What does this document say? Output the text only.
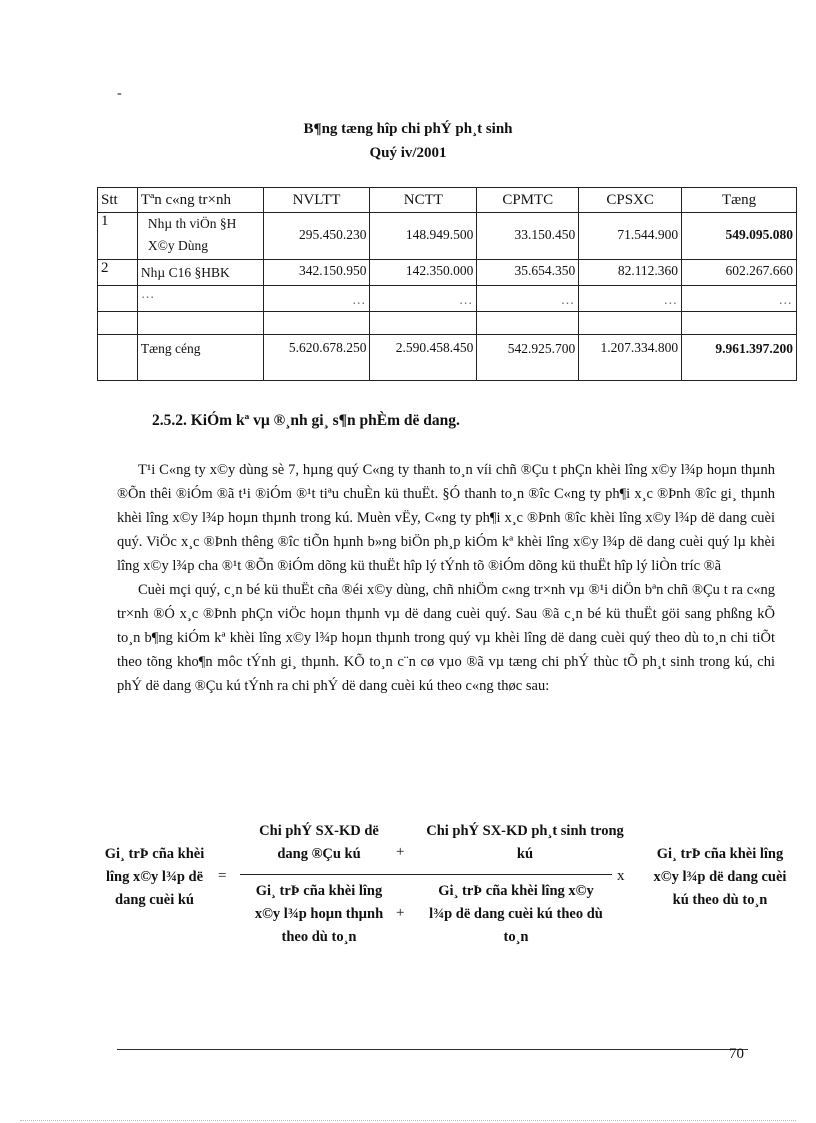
-
B¶ng tæng hîp chi phÝ ph¸t sinh
Quý iv/2001
Stt	Tªn c«ng tr×nh	NVLTT	NCTT	CPMTC	CPSXC	Tæng
1	Nhµ th viÖn §H X©y Dùng	295.450.230	148.949.500	33.150.450	71.544.900	549.095.080
2	Nhµ C16 §HBK	342.150.950	142.350.000	35.654.350	82.112.360	602.267.660
	…	…	…	…	…	…

	Tæng céng	5.620.678.250	2.590.458.450	542.925.700	1.207.334.800	9.961.397.200
2.5.2. KiÓm kª vµ ®¸nh gi¸ s¶n phÈm dë dang.

T¹i C«ng ty x©y dùng sè 7, hµng quý C«ng ty thanh to¸n víi chñ ®Çu t phÇn khèi lîng x©y l¾p hoµn thµnh ®Õn thêi ®iÓm ®ã t¹i ®iÓm ®¹t tiªu chuÈn kü thuËt. §Ó thanh to¸n ®îc C«ng ty ph¶i x¸c ®Þnh ®îc gi¸ thµnh khèi lîng x©y l¾p hoµn thµnh trong kú. Muèn vËy, C«ng ty ph¶i x¸c ®Þnh ®îc khèi lîng x©y l¾p dë dang cuèi quý. ViÖc x¸c ®Þnh thêng ®îc tiÕn hµnh b»ng biÖn ph¸p kiÓm kª khèi lîng x©y l¾p dë dang cuèi quý lµ khèi lîng x©y l¾p cha ®¹t ®Õn ®iÓm dõng kü thuËt hîp lý tÝnh tõ ®iÓm dõng kü thuËt hîp lý liÒn tríc ®ã

Cuèi mçi quý, c¸n bé kü thuËt cña ®éi x©y dùng, chñ nhiÖm c«ng tr×nh vµ ®¹i diÖn bªn chñ ®Çu t ra c«ng tr×nh ®Ó x¸c ®Þnh phÇn viÖc hoµn thµnh vµ dë dang cuèi quý. Sau ®ã c¸n bé kü thuËt göi sang phßng kÕ to¸n b¶ng kiÓm kª khèi lîng x©y l¾p hoµn thµnh trong quý vµ khèi lîng dë dang cuèi quý theo dù to¸n chi tiÕt theo tõng kho¶n môc tÝnh gi¸ thµnh. KÕ to¸n c¨n cø vµo ®ã vµ tæng chi phÝ thùc tÕ ph¸t sinh trong kú, chi phÝ dë dang ®Çu kú tÝnh ra chi phÝ dë dang cuèi kú theo c«ng thøc sau:

Gi¸ trÞ cña khèi lîng x©y l¾p dë dang cuèi kú
=
Chi phÝ SX-KD dë dang ®Çu kú	+
Chi phÝ SX-KD ph¸t sinh trong kú
Gi¸ trÞ cña khèi lîng x©y l¾p hoµn thµnh theo dù to¸n
+
Gi¸ trÞ cña khèi lîng x©y l¾p dë dang cuèi kú theo dù to¸n
x
Gi¸ trÞ cña khèi lîng x©y l¾p dë dang cuèi kú theo dù to¸n
70
